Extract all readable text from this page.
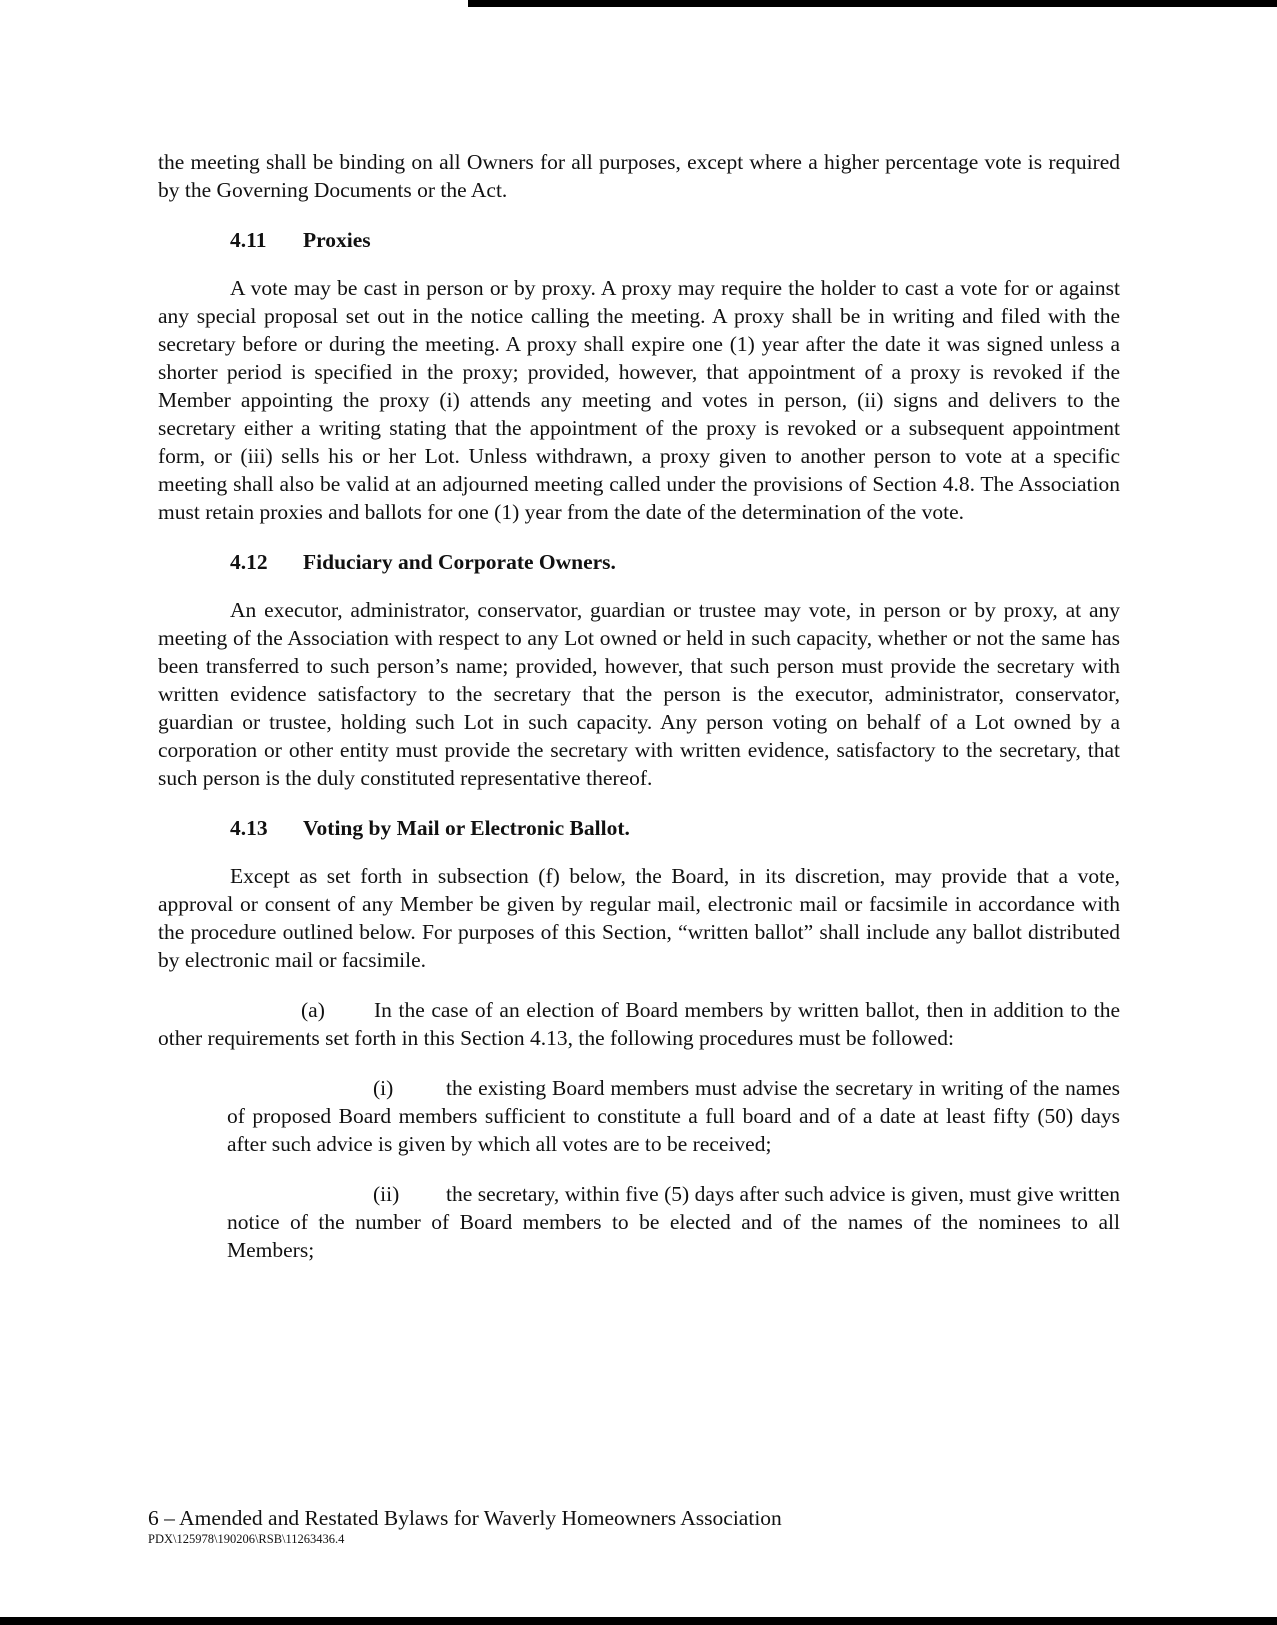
the meeting shall be binding on all Owners for all purposes, except where a higher percentage vote is required by the Governing Documents or the Act.

4.11 Proxies

A vote may be cast in person or by proxy. A proxy may require the holder to cast a vote for or against any special proposal set out in the notice calling the meeting. A proxy shall be in writing and filed with the secretary before or during the meeting. A proxy shall expire one (1) year after the date it was signed unless a shorter period is specified in the proxy; provided, however, that appointment of a proxy is revoked if the Member appointing the proxy (i) attends any meeting and votes in person, (ii) signs and delivers to the secretary either a writing stating that the appointment of the proxy is revoked or a subsequent appointment form, or (iii) sells his or her Lot. Unless withdrawn, a proxy given to another person to vote at a specific meeting shall also be valid at an adjourned meeting called under the provisions of Section 4.8. The Association must retain proxies and ballots for one (1) year from the date of the determination of the vote.

4.12 Fiduciary and Corporate Owners.

An executor, administrator, conservator, guardian or trustee may vote, in person or by proxy, at any meeting of the Association with respect to any Lot owned or held in such capacity, whether or not the same has been transferred to such person’s name; provided, however, that such person must provide the secretary with written evidence satisfactory to the secretary that the person is the executor, administrator, conservator, guardian or trustee, holding such Lot in such capacity. Any person voting on behalf of a Lot owned by a corporation or other entity must provide the secretary with written evidence, satisfactory to the secretary, that such person is the duly constituted representative thereof.

4.13 Voting by Mail or Electronic Ballot.

Except as set forth in subsection (f) below, the Board, in its discretion, may provide that a vote, approval or consent of any Member be given by regular mail, electronic mail or facsimile in accordance with the procedure outlined below. For purposes of this Section, “written ballot” shall include any ballot distributed by electronic mail or facsimile.

(a) In the case of an election of Board members by written ballot, then in addition to the other requirements set forth in this Section 4.13, the following procedures must be followed:

(i) the existing Board members must advise the secretary in writing of the names of proposed Board members sufficient to constitute a full board and of a date at least fifty (50) days after such advice is given by which all votes are to be received;

(ii) the secretary, within five (5) days after such advice is given, must give written notice of the number of Board members to be elected and of the names of the nominees to all Members;

6 – Amended and Restated Bylaws for Waverly Homeowners Association
PDX\125978\190206\RSB\11263436.4
